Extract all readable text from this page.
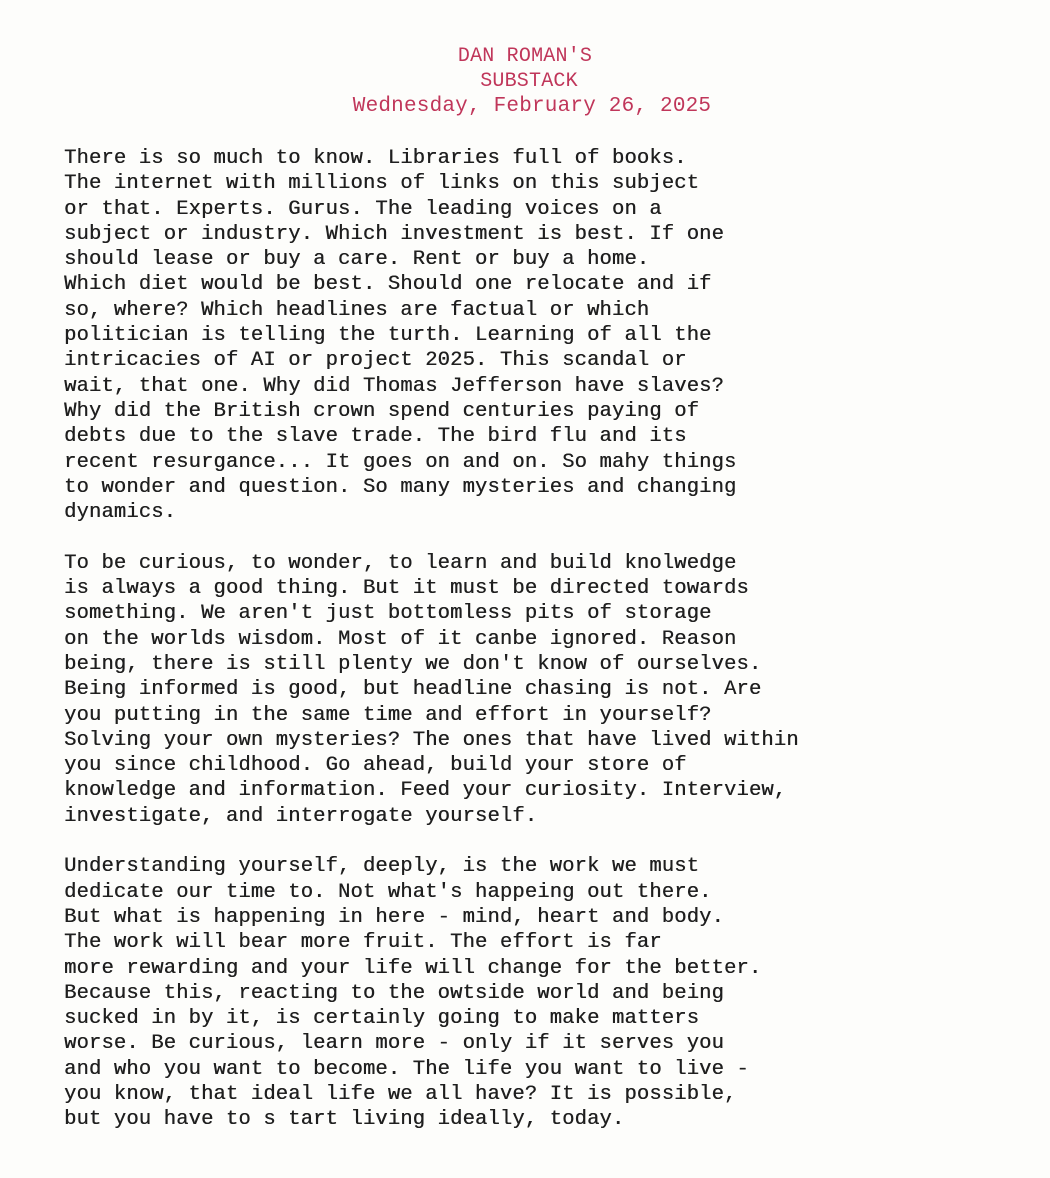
DAN ROMAN'S
SUBSTACK
Wednesday, February 26, 2025
There is so much to know. Libraries full of books.
The internet with millions of links on this subject
or that. Experts. Gurus. The leading voices on a
subject or industry. Which investment is best. If one
should lease or buy a care. Rent or buy a home.
Which diet would be best. Should one relocate and if
so, where? Which headlines are factual or which
politician is telling the turth. Learning of all the
intricacies of AI or project 2025. This scandal or
wait, that one. Why did Thomas Jefferson have slaves?
Why did the British crown spend centuries paying of
debts due to the slave trade. The bird flu and its
recent resurgance... It goes on and on. So mahy things
to wonder and question. So many mysteries and changing
dynamics.
To be curious, to wonder, to learn and build knolwedge
is always a good thing. But it must be directed towards
something. We aren't just bottomless pits of storage
on the worlds wisdom. Most of it canbe ignored. Reason
being, there is still plenty we don't know of ourselves.
Being informed is good, but headline chasing is not. Are
you putting in the same time and effort in yourself?
Solving your own mysteries? The ones that have lived within
you since childhood. Go ahead, build your store of
knowledge and information. Feed your curiosity. Interview,
investigate, and interrogate yourself.
Understanding yourself, deeply, is the work we must
dedicate our time to. Not what's happeing out there.
But what is happening in here - mind, heart and body.
The work will bear more fruit. The effort is far
more rewarding and your life will change for the better.
Because this, reacting to the owtside world and being
sucked in by it, is certainly going to make matters
worse. Be curious, learn more - only if it serves you
and who you want to become. The life you want to live -
you know, that ideal life we all have? It is possible,
but you have to s tart living ideally, today.
